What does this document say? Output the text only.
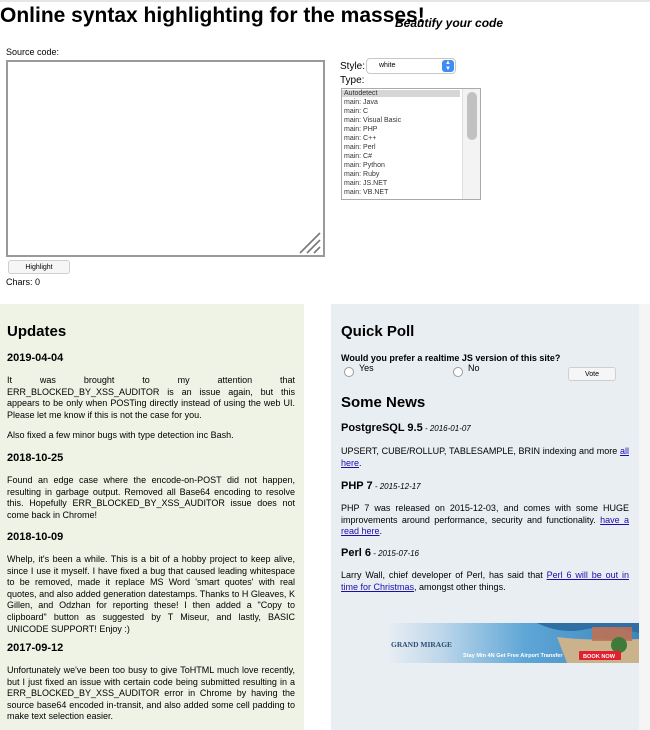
Online syntax highlighting for the masses!
Beautify your code
Source code:
Highlight
Chars: 0
Style: white	▲
▼
Type:
Autodetect
main: Java
main: C
main: Visual Basic
main: PHP
main: C++
main: Perl
main: C#
main: Python
main: Ruby
main: JS.NET
main: VB.NET
Updates
2019-04-04
It was brought to my attention that ERR_BLOCKED_BY_XSS_AUDITOR is an issue again, but this appears to be only when POSTing directly instead of using the web UI. Please let me know if this is not the case for you.
Also fixed a few minor bugs with type detection inc Bash.
2018-10-25
Found an edge case where the encode-on-POST did not happen, resulting in garbage output. Removed all Base64 encoding to resolve this. Hopefully ERR_BLOCKED_BY_XSS_AUDITOR issue does not come back in Chrome!
2018-10-09
Whelp, it's been a while. This is a bit of a hobby project to keep alive, since I use it myself. I have fixed a bug that caused leading whitespace to be removed, made it replace MS Word 'smart quotes' with real quotes, and also added generation datestamps. Thanks to H Gleaves, K Gillen, and Odzhan for reporting these! I then added a "Copy to clipboard" button as suggested by T Miseur, and lastly, BASIC UNICODE SUPPORT! Enjoy :)
2017-09-12
Unfortunately we've been too busy to give ToHTML much love recently, but I just fixed an issue with certain code being submitted resulting in a ERR_BLOCKED_BY_XSS_AUDITOR error in Chrome by having the source base64 encoded in-transit, and also added some cell padding to make text selection easier.
Quick Poll
Would you prefer a realtime JS version of this site?
Yes	No
Vote
Some News
PostgreSQL 9.5 - 2016-01-07
UPSERT, CUBE/ROLLUP, TABLESAMPLE, BRIN indexing and more all here.
PHP 7 - 2015-12-17
PHP 7 was released on 2015-12-03, and comes with some HUGE improvements around performance, security and functionality. have a read here.
Perl 6 - 2015-07-16
Larry Wall, chief developer of Perl, has said that Perl 6 will be out in time for Christmas, amongst other things.
GRAND MIRAGE
Stay Min 4N Get Free Airport Transfer	BOOK NOW
